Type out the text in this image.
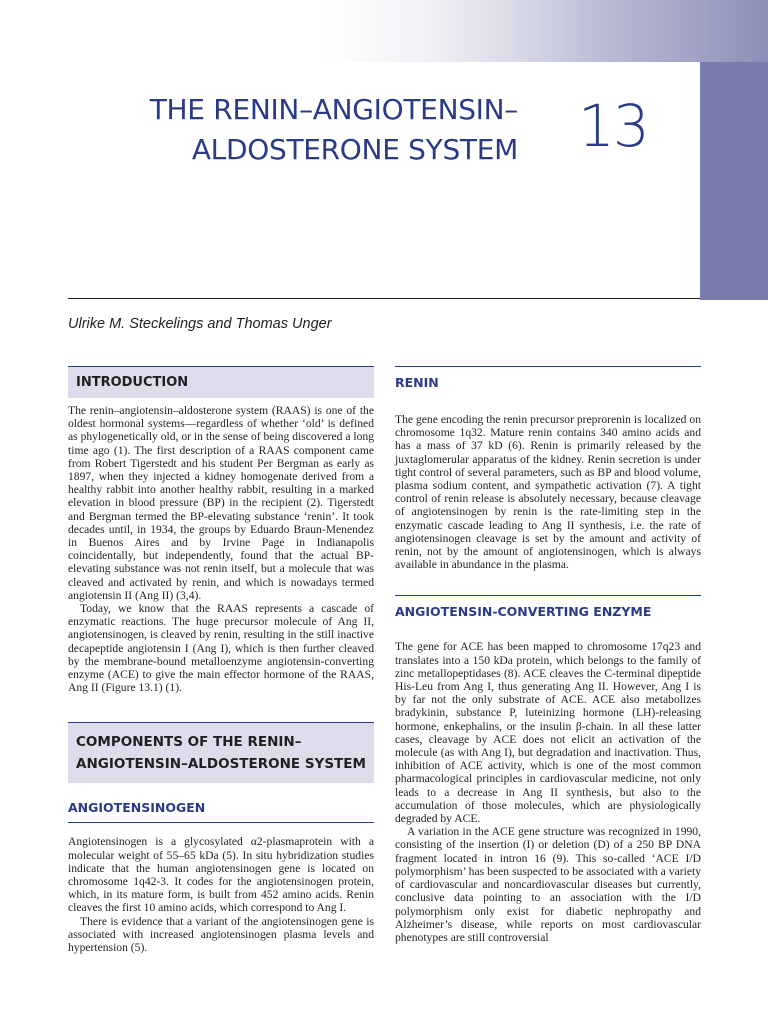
THE RENIN–ANGIOTENSIN–
ALDOSTERONE SYSTEM 13
Ulrike M. Steckelings and Thomas Unger
INTRODUCTION

The renin–angiotensin–aldosterone system (RAAS) is one of the oldest hormonal systems—regardless of whether ‘old’ is defined as phylogenetically old, or in the sense of being discovered a long time ago (1). The first description of a RAAS component came from Robert Tigerstedt and his student Per Bergman as early as 1897, when they injected a kidney homogenate derived from a healthy rabbit into another healthy rabbit, resulting in a marked elevation in blood pressure (BP) in the recipient (2). Tigerstedt and Bergman termed the BP-elevating substance ‘renin’. It took decades until, in 1934, the groups by Eduardo Braun-Menendez in Buenos Aires and by Irvine Page in Indianapolis coincidentally, but independently, found that the actual BP-elevating substance was not renin itself, but a molecule that was cleaved and activated by renin, and which is nowadays termed angiotensin II (Ang II) (3,4).

Today, we know that the RAAS represents a cascade of enzymatic reactions. The huge precursor molecule of Ang II, angiotensinogen, is cleaved by renin, resulting in the still inactive decapeptide angiotensin I (Ang I), which is then further cleaved by the membrane-bound metalloenzyme angiotensin-converting enzyme (ACE) to give the main effector hormone of the RAAS, Ang II (Figure 13.1) (1).

COMPONENTS OF THE RENIN–
ANGIOTENSIN–ALDOSTERONE SYSTEM
ANGIOTENSINOGEN

Angiotensinogen is a glycosylated α2-plasmaprotein with a molecular weight of 55–65 kDa (5). In situ hybridization studies indicate that the human angiotensinogen gene is located on chromosome 1q42-3. It codes for the angiotensinogen protein, which, in its mature form, is built from 452 amino acids. Renin cleaves the first 10 amino acids, which correspond to Ang I.

There is evidence that a variant of the angiotensinogen gene is associated with increased angiotensinogen plasma levels and hypertension (5).

RENIN

The gene encoding the renin precursor preprorenin is localized on chromosome 1q32. Mature renin contains 340 amino acids and has a mass of 37 kD (6). Renin is primarily released by the juxtaglomerular apparatus of the kidney. Renin secretion is under tight control of several parameters, such as BP and blood volume, plasma sodium content, and sympathetic activation (7). A tight control of renin release is absolutely necessary, because cleavage of angiotensinogen by renin is the rate-limiting step in the enzymatic cascade leading to Ang II synthesis, i.e. the rate of angiotensinogen cleavage is set by the amount and activity of renin, not by the amount of angiotensinogen, which is always available in abundance in the plasma.

ANGIOTENSIN-CONVERTING ENZYME

The gene for ACE has been mapped to chromosome 17q23 and translates into a 150 kDa protein, which belongs to the family of zinc metallopeptidases (8). ACE cleaves the C-terminal dipeptide His-Leu from Ang I, thus generating Ang II. However, Ang I is by far not the only substrate of ACE. ACE also metabolizes bradykinin, substance P, luteinizing hormone (LH)-releasing hormone, enkephalins, or the insulin β-chain. In all these latter cases, cleavage by ACE does not elicit an activation of the molecule (as with Ang I), but degradation and inactivation. Thus, inhibition of ACE activity, which is one of the most common pharmacological principles in cardiovascular medicine, not only leads to a decrease in Ang II synthesis, but also to the accumulation of those molecules, which are physiologically degraded by ACE.

A variation in the ACE gene structure was recognized in 1990, consisting of the insertion (I) or deletion (D) of a 250 BP DNA fragment located in intron 16 (9). This so-called ‘ACE I/D polymorphism’ has been suspected to be associated with a variety of cardiovascular and noncardiovascular diseases but currently, conclusive data pointing to an association with the I/D polymorphism only exist for diabetic nephropathy and Alzheimer’s disease, while reports on most cardiovascular phenotypes are still controversial
